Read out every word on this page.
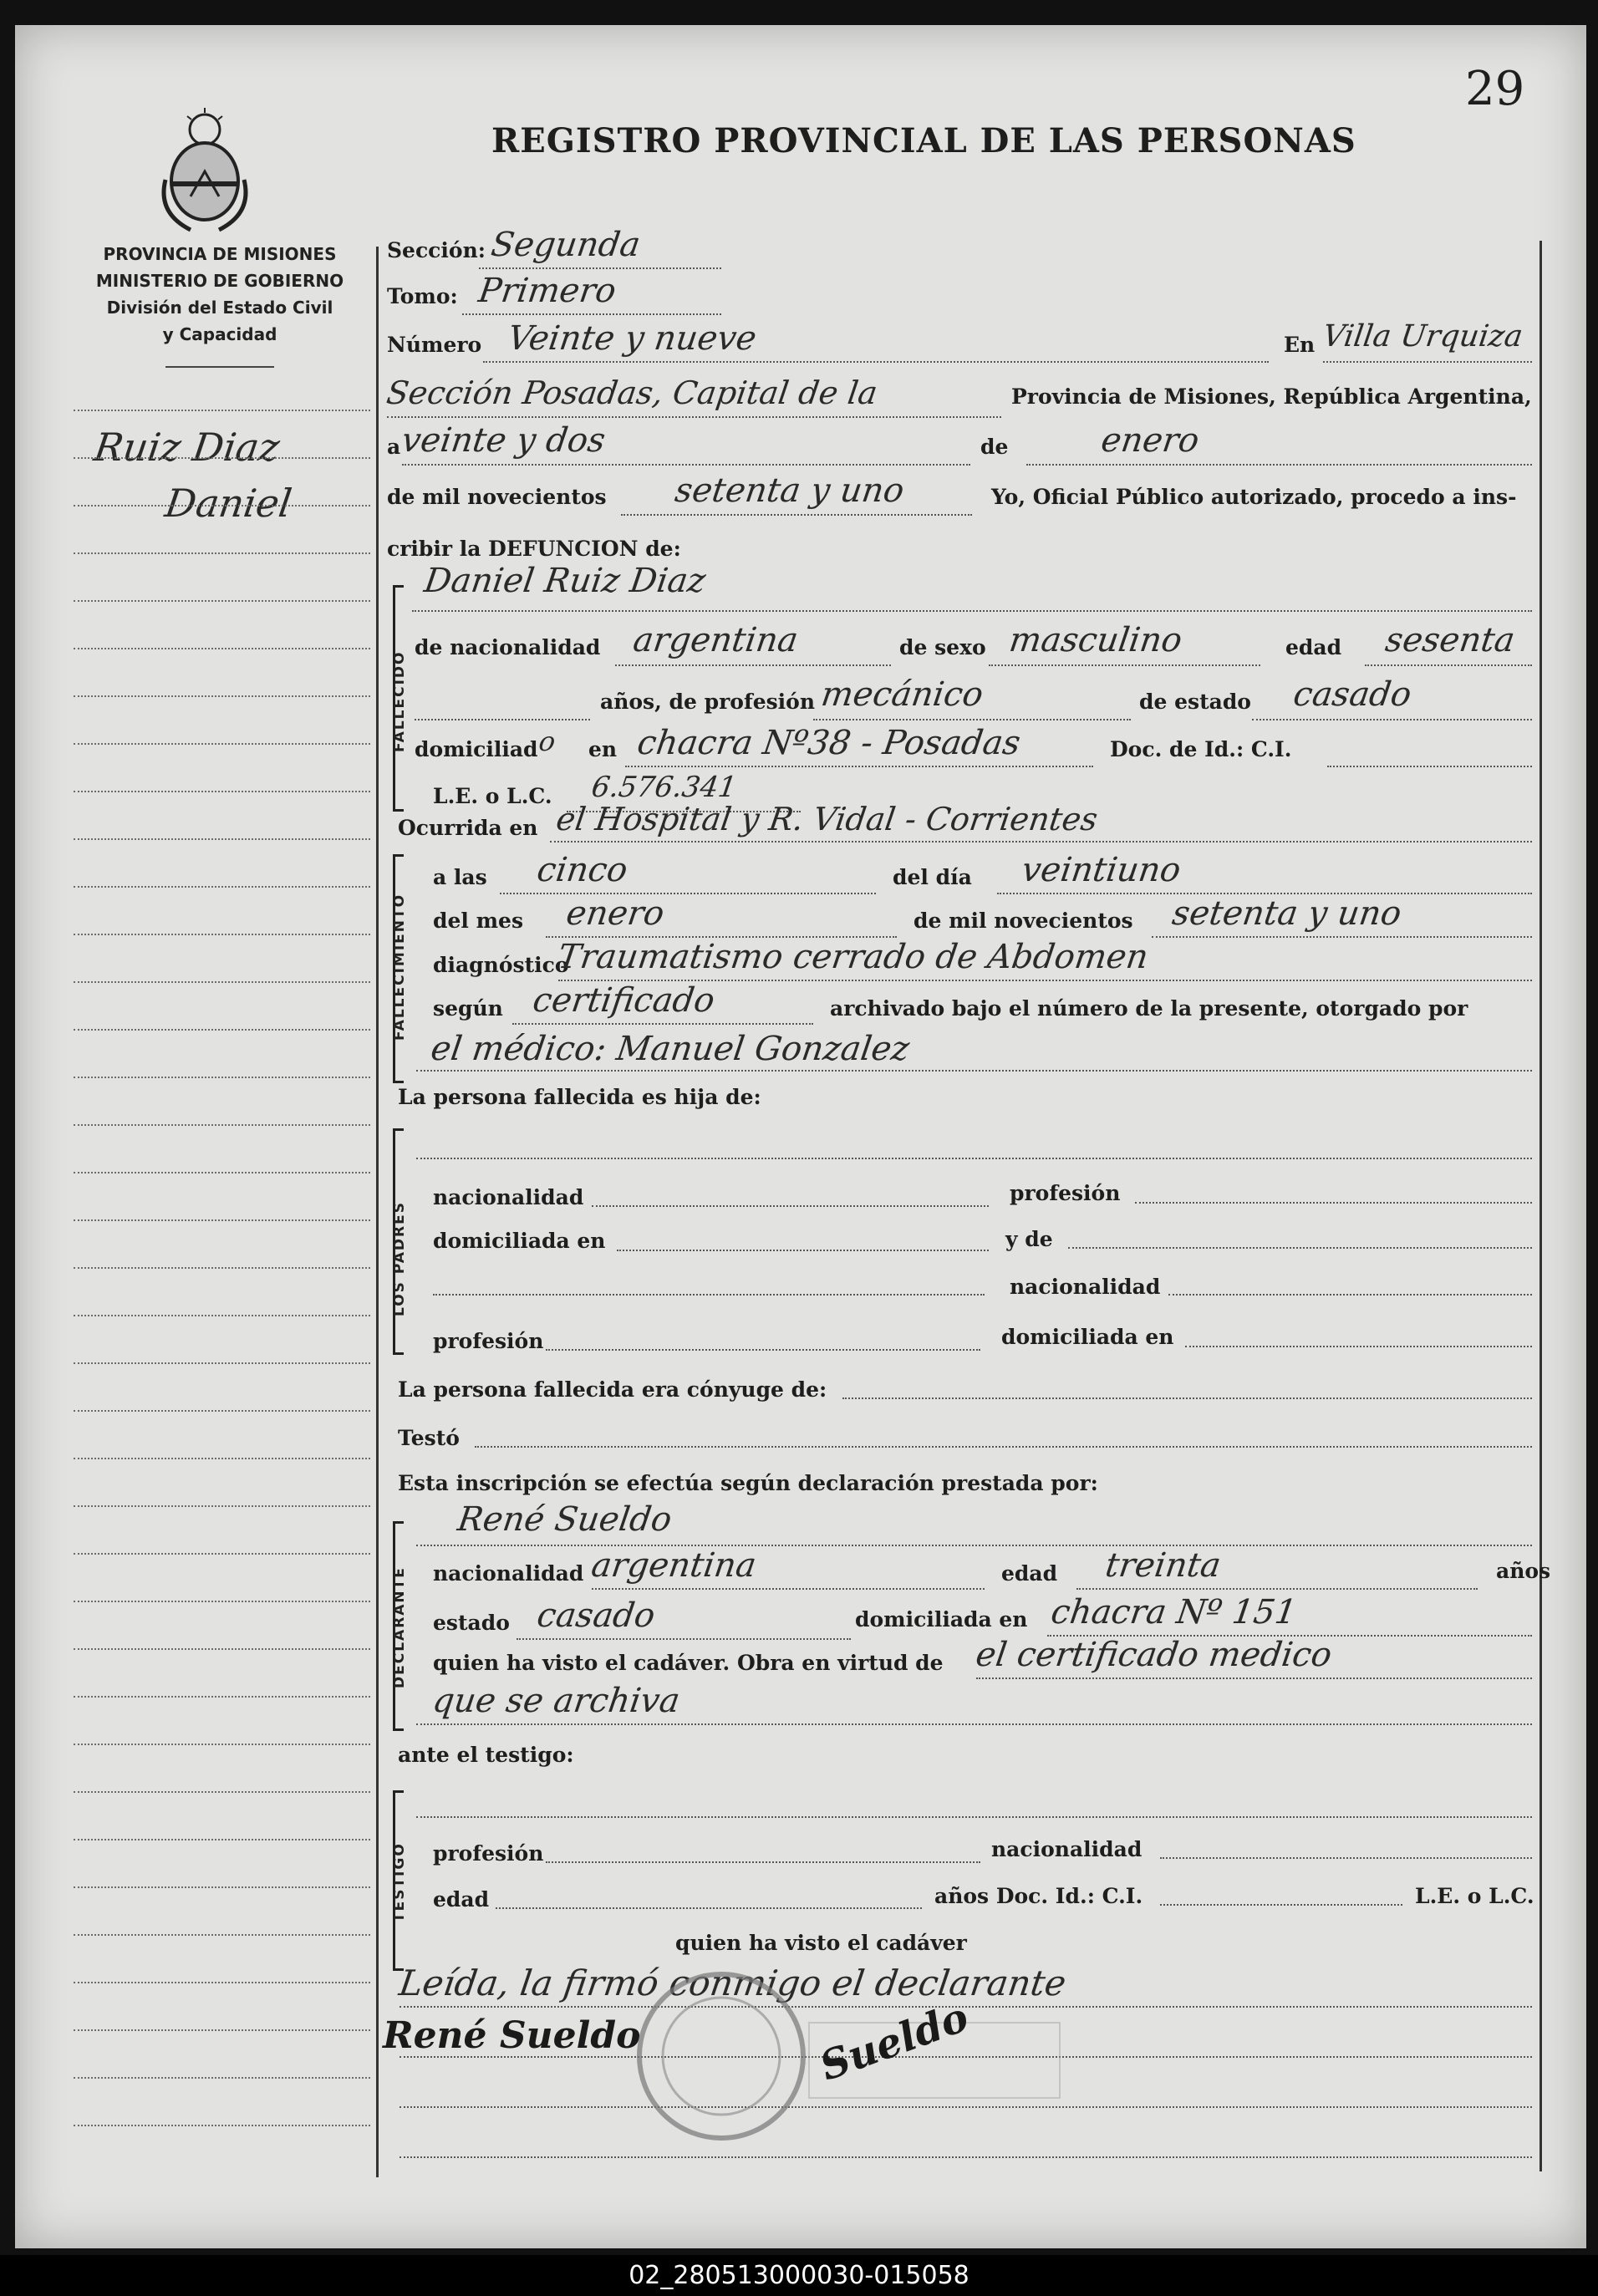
29
REGISTRO PROVINCIAL DE LAS PERSONAS
PROVINCIA DE MISIONES
MINISTERIO DE GOBIERNO
División del Estado Civil
y Capacidad
Ruiz Diaz
Daniel
Sección: Segunda
Tomo: Primero
Número Veinte y nueve	En Villa Urquiza
Sección Posadas, Capital de la	Provincia de Misiones, República Argentina,
a
veinte y dos	de	enero
de mil novecientos setenta y uno	Yo, Oficial Público autorizado, procedo a ins-
cribir la DEFUNCION de:
FALLECIDO
Daniel Ruiz Diaz
de nacionalidad argentina	de sexo masculino	edad sesenta
años, de profesión mecánico	de estado casado
domiciliad
o en chacra Nº38 - Posadas	Doc. de Id.: C.I.
L.E. o L.C. 6.576.341
Ocurrida en el Hospital y R. Vidal - Corrientes
FALLECIMIENTO
a las cinco	del día veintiuno
del mes enero	de mil novecientos setenta y uno
diagnóstico
Traumatismo cerrado de Abdomen
según certificado	archivado bajo el número de la presente, otorgado por
el médico: Manuel Gonzalez
La persona fallecida es hija de:
LOS PADRES
nacionalidad	profesión
domiciliada en	y de
nacionalidad
profesión	domiciliada en
La persona fallecida era cónyuge de:
Testó
Esta inscripción se efectúa según declaración prestada por:
DECLARANTE
René Sueldo
nacionalidad argentina	edad treinta	años
estado casado	domiciliada en chacra Nº 151
quien ha visto el cadáver. Obra en virtud de el certificado medico
que se archiva
ante el testigo:
TESTIGO profesión	nacionalidad
edad	años Doc. Id.: C.I.	L.E. o L.C.
quien ha visto el cadáver
Leída, la firmó conmigo el declarante
René Sueldo	Sueldo
02_280513000030-015058
